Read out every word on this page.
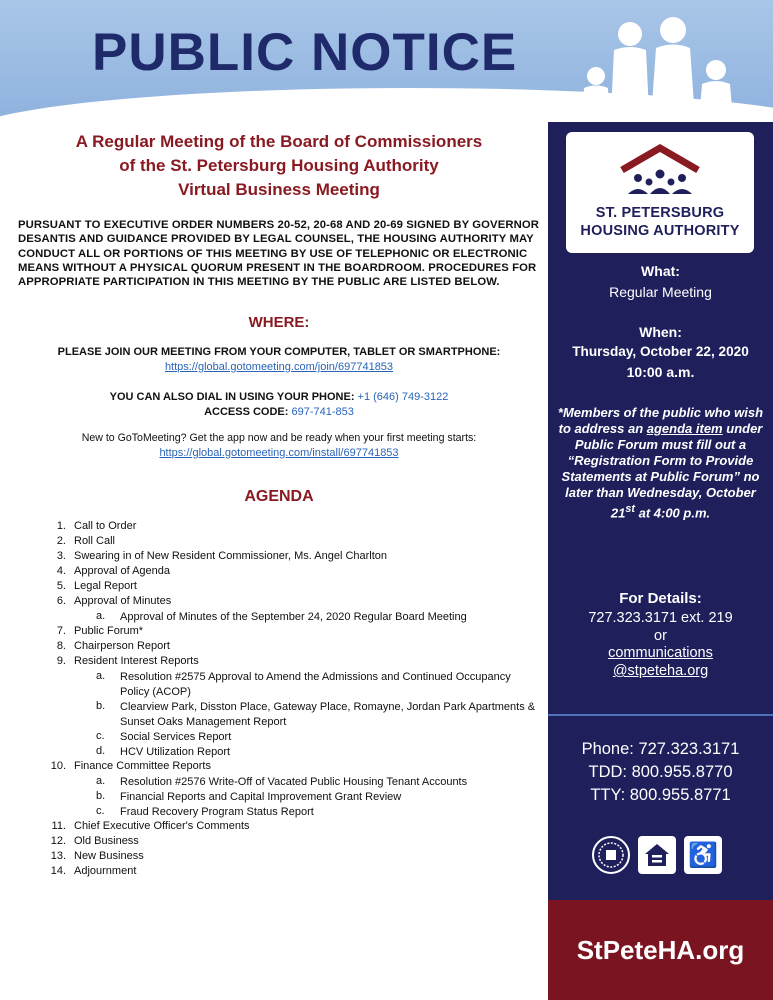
PUBLIC NOTICE
A Regular Meeting of the Board of Commissioners
of the St. Petersburg Housing Authority
Virtual Business Meeting
PURSUANT TO EXECUTIVE ORDER NUMBERS 20-52, 20-68 AND 20-69 SIGNED BY GOVERNOR DESANTIS AND GUIDANCE PROVIDED BY LEGAL COUNSEL, THE HOUSING AUTHORITY MAY CONDUCT ALL OR PORTIONS OF THIS MEETING BY USE OF TELEPHONIC OR ELECTRONIC MEANS WITHOUT A PHYSICAL QUORUM PRESENT IN THE BOARDROOM. PROCEDURES FOR APPROPRIATE PARTICIPATION IN THIS MEETING BY THE PUBLIC ARE LISTED BELOW.
WHERE:
PLEASE JOIN OUR MEETING FROM YOUR COMPUTER, TABLET OR SMARTPHONE:
https://global.gotomeeting.com/join/697741853
YOU CAN ALSO DIAL IN USING YOUR PHONE: +1 (646) 749-3122
ACCESS CODE: 697-741-853
New to GoToMeeting? Get the app now and be ready when your first meeting starts:
https://global.gotomeeting.com/install/697741853
AGENDA
1. Call to Order
2. Roll Call
3. Swearing in of New Resident Commissioner, Ms. Angel Charlton
4. Approval of Agenda
5. Legal Report
6. Approval of Minutes
a.	Approval of Minutes of the September 24, 2020 Regular Board Meeting
7. Public Forum*
8. Chairperson Report
9. Resident Interest Reports
a.	Resolution #2575 Approval to Amend the Admissions and Continued Occupancy Policy (ACOP)
b.	Clearview Park, Disston Place, Gateway Place, Romayne, Jordan Park Apartments & Sunset Oaks Management Report
c.	Social Services Report
d.	HCV Utilization Report
10. Finance Committee Reports
a.	Resolution #2576 Write-Off of Vacated Public Housing Tenant Accounts
b.	Financial Reports and Capital Improvement Grant Review
c.	Fraud Recovery Program Status Report
11. Chief Executive Officer's Comments
12. Old Business
13. New Business
14. Adjournment
ST. PETERSBURG
HOUSING AUTHORITY
What:
Regular Meeting
When:
Thursday, October 22, 2020
10:00 a.m.
*Members of the public who wish to address an agenda item under Public Forum must fill out a “Registration Form to Provide Statements at Public Forum” no later than Wednesday, October 21st at 4:00 p.m.
For Details:
727.323.3171 ext. 219
or
communications
@stpeteha.org
Phone: 727.323.3171
TDD: 800.955.8770
TTY: 800.955.8771
♿
StPeteHA.org
